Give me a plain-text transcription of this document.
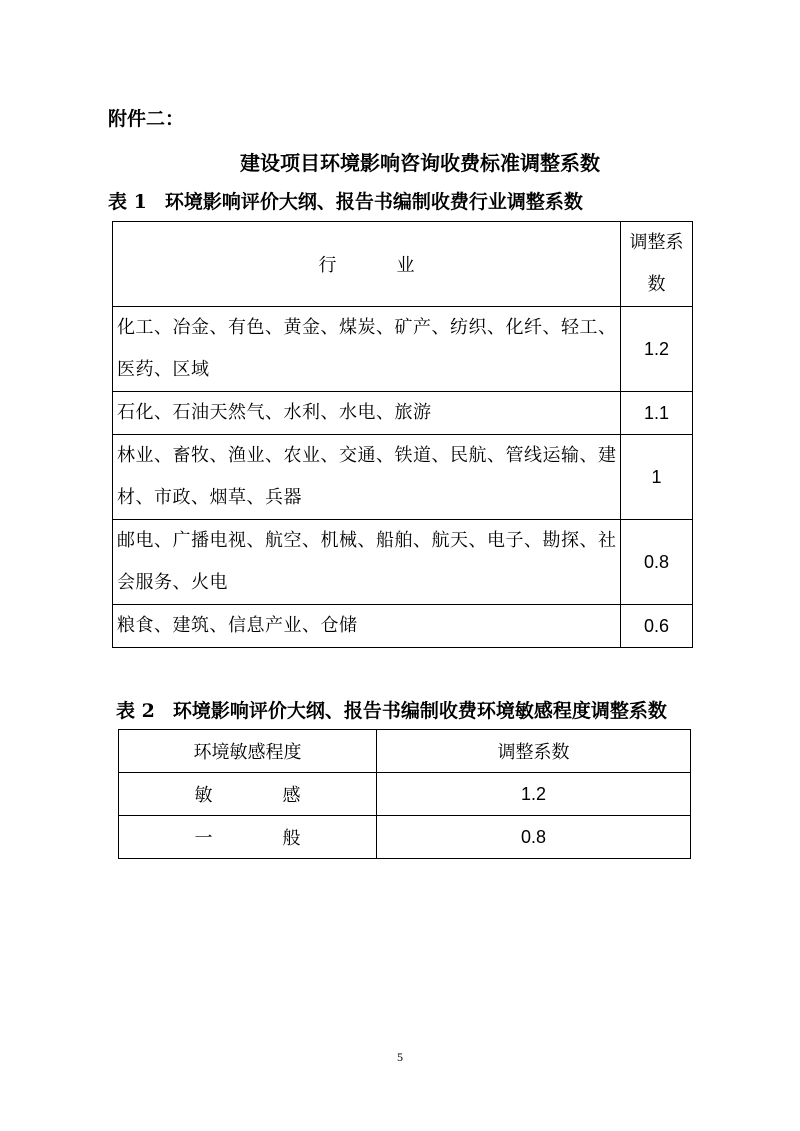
附件二：
建设项目环境影响咨询收费标准调整系数
表 1 环境影响评价大纲、报告书编制收费行业调整系数
行业	调整系数
化工、冶金、有色、黄金、煤炭、矿产、纺织、化纤、轻工、医药、区域	1.2
石化、石油天然气、水利、水电、旅游	1.1
林业、畜牧、渔业、农业、交通、铁道、民航、管线运输、建材、市政、烟草、兵器	1
邮电、广播电视、航空、机械、船舶、航天、电子、勘探、社会服务、火电	0.8
粮食、建筑、信息产业、仓储	0.6
表 2 环境影响评价大纲、报告书编制收费环境敏感程度调整系数
环境敏感程度	调整系数
敏感	1.2
一般	0.8
5
